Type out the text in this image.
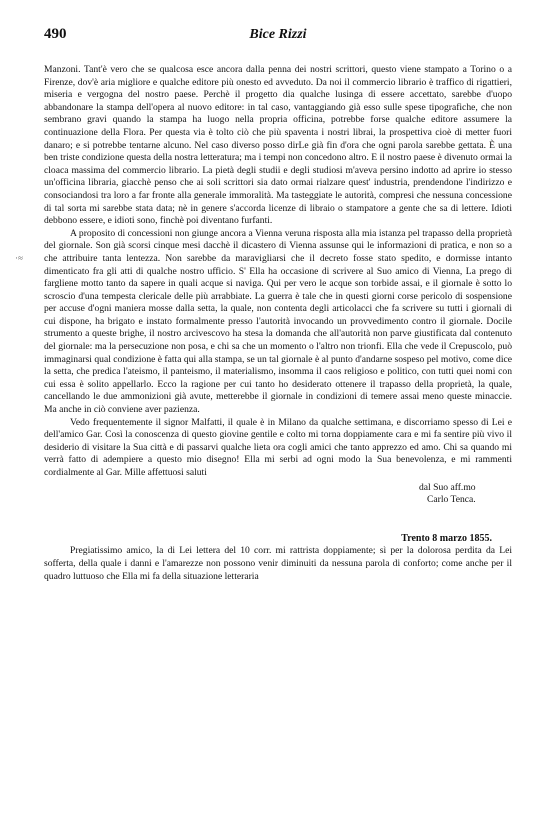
490	Bice Rizzi
·≈

Manzoni. Tant'è vero che se qualcosa esce ancora dalla penna dei nostri scrittori, questo viene stampato a Torino o a Firenze, dov'è aria migliore e qualche editore più onesto ed avveduto. Da noi il commercio librario è traffico di rigattieri, miseria e vergogna del nostro paese. Perchè il progetto dia qualche lusinga di essere accettato, sarebbe d'uopo abbandonare la stampa dell'opera al nuovo editore: in tal caso, vantaggiando già esso sulle spese tipografiche, che non sembrano gravi quando la stampa ha luogo nella propria officina, potrebbe forse qualche editore assumere la continuazione della Flora. Per questa via è tolto ciò che più spaventa i nostri librai, la prospettiva cioè di metter fuori danaro; e si potrebbe tentarne alcuno. Nel caso diverso posso dirLe già fin d'ora che ogni parola sarebbe gettata. È una ben triste condizione questa della nostra letteratura; ma i tempi non concedono altro. E il nostro paese è divenuto ormai la cloaca massima del commercio librario. La pietà degli studii e degli studiosi m'aveva persino indotto ad aprire io stesso un'officina libraria, giacchè penso che ai soli scrittori sia dato ormai rialzare quest' industria, prendendone l'indirizzo e consociandosi tra loro a far fronte alla generale immoralità. Ma tasteggiate le autorità, compresi che nessuna concessione di tal sorta mi sarebbe stata data; nè in genere s'accorda licenze di libraio o stampatore a gente che sa di lettere. Idioti debbono essere, e idioti sono, finchè poi diventano furfanti.

A proposito di concessioni non giunge ancora a Vienna veruna risposta alla mia istanza pel trapasso della proprietà del giornale. Son già scorsi cinque mesi dacchè il dicastero di Vienna assunse qui le informazioni di pratica, e non so a che attribuire tanta lentezza. Non sarebbe da maravigliarsi che il decreto fosse stato spedito, e dormisse intanto dimenticato fra gli atti di qualche nostro ufficio. S' Ella ha occasione di scrivere al Suo amico di Vienna, La prego di fargliene motto tanto da sapere in quali acque si naviga. Qui per vero le acque son torbide assai, e il giornale è sotto lo scroscio d'una tempesta clericale delle più arrabbiate. La guerra è tale che in questi giorni corse pericolo di sospensione per accuse d'ogni maniera mosse dalla setta, la quale, non contenta degli articolacci che fa scrivere su tutti i giornali di cui dispone, ha brigato e instato formalmente presso l'autorità invocando un provvedimento contro il giornale. Docile strumento a queste brighe, il nostro arcivescovo ha stesa la domanda che all'autorità non parve giustificata dal contenuto del giornale: ma la persecuzione non posa, e chi sa che un momento o l'altro non trionfi. Ella che vede il Crepuscolo, può immaginarsi qual condizione è fatta qui alla stampa, se un tal giornale è al punto d'andarne sospeso pel motivo, come dice la setta, che predica l'ateismo, il panteismo, il materialismo, insomma il caos religioso e politico, con tutti quei nomi con cui essa è solito appellarlo. Ecco la ragione per cui tanto ho desiderato ottenere il trapasso della proprietà, la quale, cancellando le due ammonizioni già avute, metterebbe il giornale in condizioni di temere assai meno queste minaccie. Ma anche in ciò conviene aver pazienza.

Vedo frequentemente il signor Malfatti, il quale è in Milano da qualche settimana, e discorriamo spesso di Lei e dell'amico Gar. Così la conoscenza di questo giovine gentile e colto mi torna doppiamente cara e mi fa sentire più vivo il desiderio di visitare la Sua città e di passarvi qualche lieta ora cogli amici che tanto apprezzo ed amo. Chi sa quando mi verrà fatto di adempiere a questo mio disegno! Ella mi serbi ad ogni modo la Sua benevolenza, e mi rammenti cordialmente al Gar. Mille affettuosi saluti

dal Suo aff.mo
Carlo Tenca.
Trento 8 marzo 1855.

Pregiatissimo amico, la di Lei lettera del 10 corr. mi rattrista doppiamente; sì per la dolorosa perdita da Lei sofferta, della quale i danni e l'amarezze non possono venir diminuiti da nessuna parola di conforto; come anche per il quadro luttuoso che Ella mi fa della situazione letteraria
